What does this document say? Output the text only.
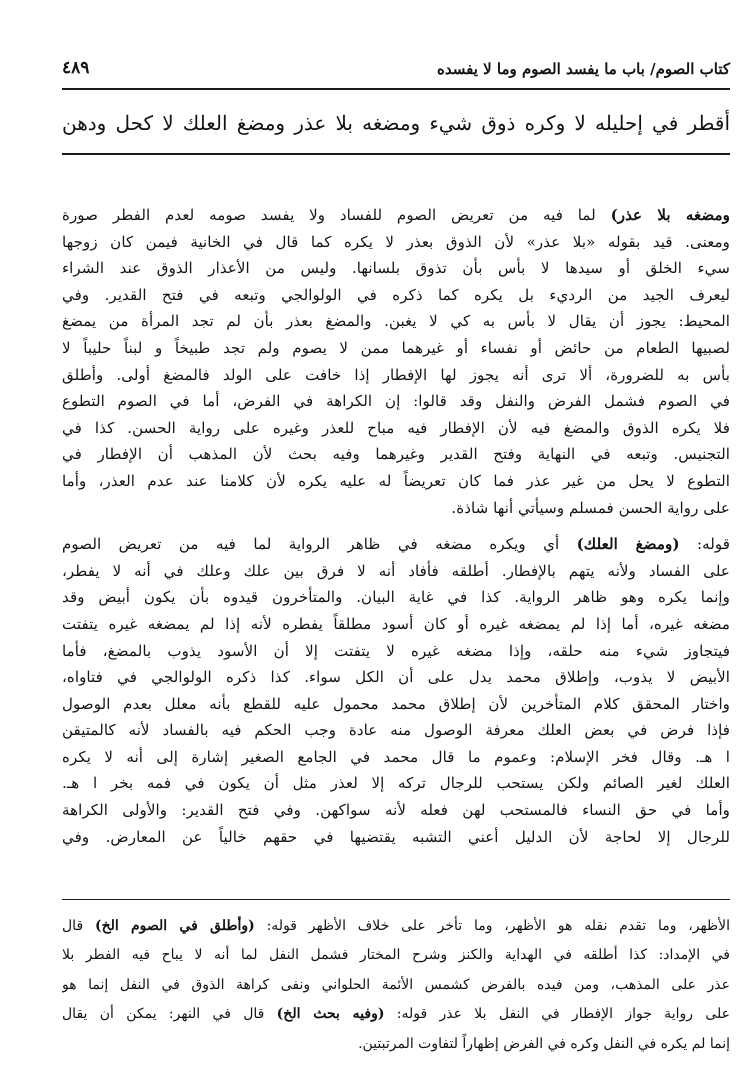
كتاب الصوم/ باب ما يفسد الصوم وما لا يفسده
٤٨٩
أقطر في إحليله لا وكره ذوق شيء ومضغه بلا عذر ومضغ العلك لا كحل ودهن
ومضغه بلا عذر) لما فيه من تعريض الصوم للفساد ولا يفسد صومه لعدم الفطر صورة
ومعنى. قيد بقوله «بلا عذر» لأن الذوق بعذر لا يكره كما قال في الخانية فيمن كان زوجها
سيء الخلق أو سيدها لا بأس بأن تذوق بلسانها. وليس من الأعذار الذوق عند الشراء
ليعرف الجيد من الرديء بل يكره كما ذكره في الولوالجي وتبعه في فتح القدير. وفي
المحيط: يجوز أن يقال لا بأس به كي لا يغبن. والمضغ بعذر بأن لم تجد المرأة من يمضغ
لصبيها الطعام من حائض أو نفساء أو غيرهما ممن لا يصوم ولم تجد طبيخاً و لبناً حليباً لا
بأس به للضرورة، ألا ترى أنه يجوز لها الإفطار إذا خافت على الولد فالمضغ أولى. وأطلق
في الصوم فشمل الفرض والنفل وقد قالوا: إن الكراهة في الفرض، أما في الصوم التطوع
فلا يكره الذوق والمضغ فيه لأن الإفطار فيه مباح للعذر وغيره على رواية الحسن. كذا في
التجنيس. وتبعه في النهاية وفتح القدير وغيرهما وفيه بحث لأن المذهب أن الإفطار في
التطوع لا يحل من غير عذر فما كان تعريضاً له عليه يكره لأن كلامنا عند عدم العذر، وأما
على رواية الحسن فمسلم وسيأتي أنها شاذة.
قوله: (ومضغ العلك) أي ويكره مضغه في ظاهر الرواية لما فيه من تعريض الصوم
على الفساد ولأنه يتهم بالإفطار. أطلقه فأفاد أنه لا فرق بين علك وعلك في أنه لا يفطر،
وإنما يكره وهو ظاهر الرواية. كذا في غاية البيان. والمتأخرون قيدوه بأن يكون أبيض وقد
مضغه غيره، أما إذا لم يمضغه غيره أو كان أسود مطلقاً يفطره لأنه إذا لم يمضغه غيره يتفتت
فيتجاوز شيء منه حلقه، وإذا مضغه غيره لا يتفتت إلا أن الأسود يذوب بالمضغ، فأما
الأبيض لا يذوب، وإطلاق محمد يدل على أن الكل سواء. كذا ذكره الولوالجي في فتاواه،
واختار المحقق كلام المتأخرين لأن إطلاق محمد محمول عليه للقطع بأنه معلل بعدم الوصول
فإذا فرض في بعض العلك معرفة الوصول منه عادة وجب الحكم فيه بالفساد لأنه كالمتيقن
ا هـ. وقال فخر الإسلام: وعموم ما قال محمد في الجامع الصغير إشارة إلى أنه لا يكره
العلك لغير الصائم ولكن يستحب للرجال تركه إلا لعذر مثل أن يكون في فمه بخر ا هـ.
وأما في حق النساء فالمستحب لهن فعله لأنه سواكهن. وفي فتح القدير: والأولى الكراهة
للرجال إلا لحاجة لأن الدليل أعني التشبه يقتضيها في حقهم خالياً عن المعارض. وفي
الأظهر، وما تقدم نقله هو الأظهر، وما تأخر على خلاف الأظهر قوله: (وأطلق في الصوم الخ) قال
في الإمداد: كذا أطلقه في الهداية والكنز وشرح المختار فشمل النفل لما أنه لا يباح فيه الفطر بلا
عذر على المذهب، ومن فيده بالفرض كشمس الأئمة الحلواني ونفى كراهة الذوق في النفل إنما هو
على رواية جواز الإفطار في النفل بلا عذر قوله: (وفيه بحث الخ) قال في النهر: يمكن أن يقال
إنما لم يكره في النفل وكره في الفرض إظهاراً لتفاوت المرتبتين.
